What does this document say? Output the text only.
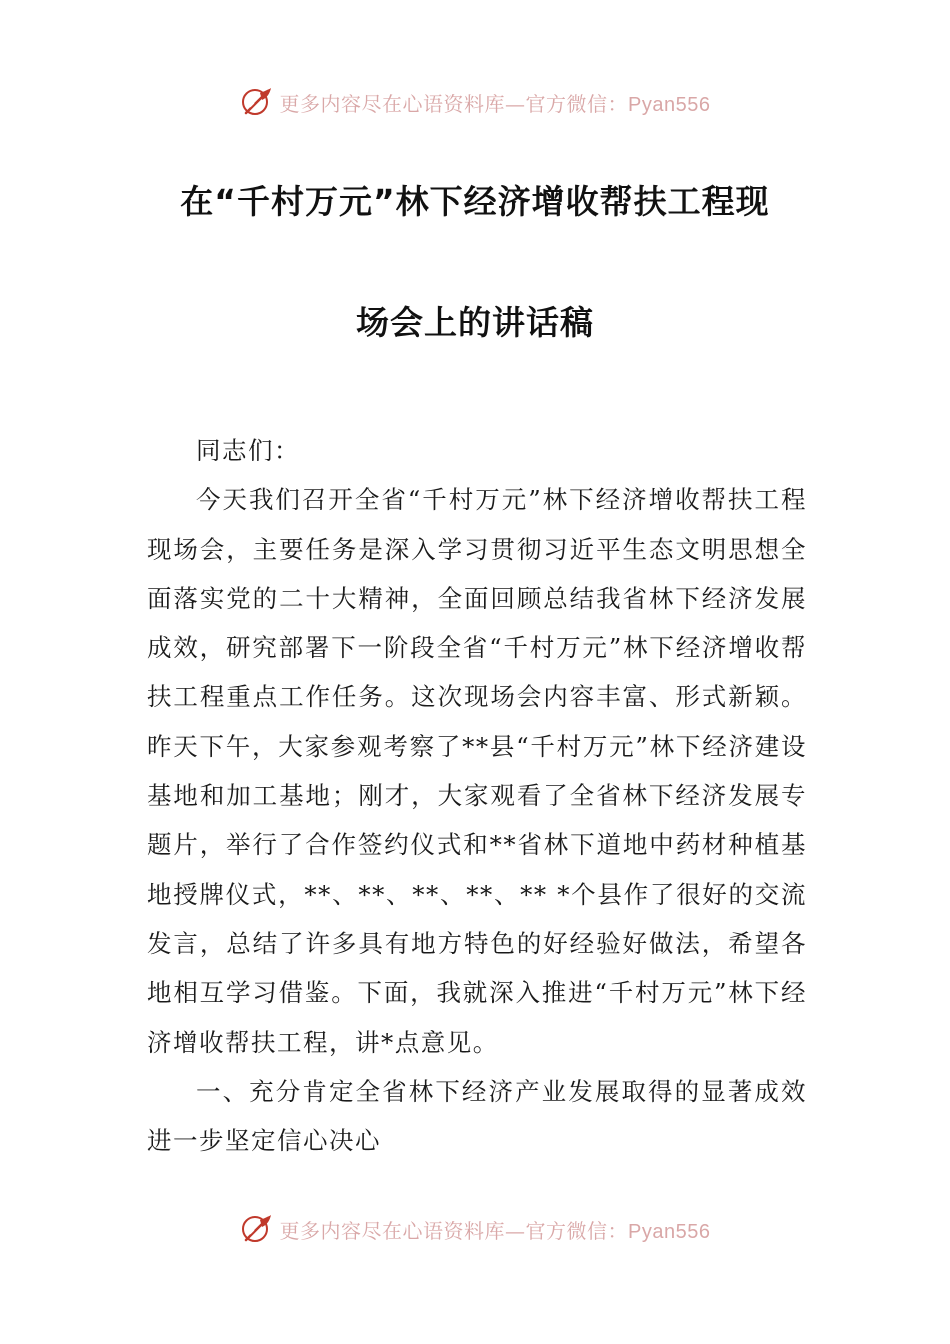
更多内容尽在心语资料库—官方微信：Pyan556
在“千村万元”林下经济增收帮扶工程现
场会上的讲话稿

同志们：

今天我们召开全省“千村万元”林下经济增收帮扶工程现场会，主要任务是深入学习贯彻习近平生态文明思想全面落实党的二十大精神，全面回顾总结我省林下经济发展成效，研究部署下一阶段全省“千村万元”林下经济增收帮扶工程重点工作任务。这次现场会内容丰富、形式新颖。昨天下午，大家参观考察了**县“千村万元”林下经济建设基地和加工基地；刚才，大家观看了全省林下经济发展专题片，举行了合作签约仪式和**省林下道地中药材种植基地授牌仪式，**、**、**、**、** *个县作了很好的交流发言，总结了许多具有地方特色的好经验好做法，希望各地相互学习借鉴。下面，我就深入推进“千村万元”林下经济增收帮扶工程，讲*点意见。

一、充分肯定全省林下经济产业发展取得的显著成效进一步坚定信心决心

更多内容尽在心语资料库—官方微信：Pyan556
